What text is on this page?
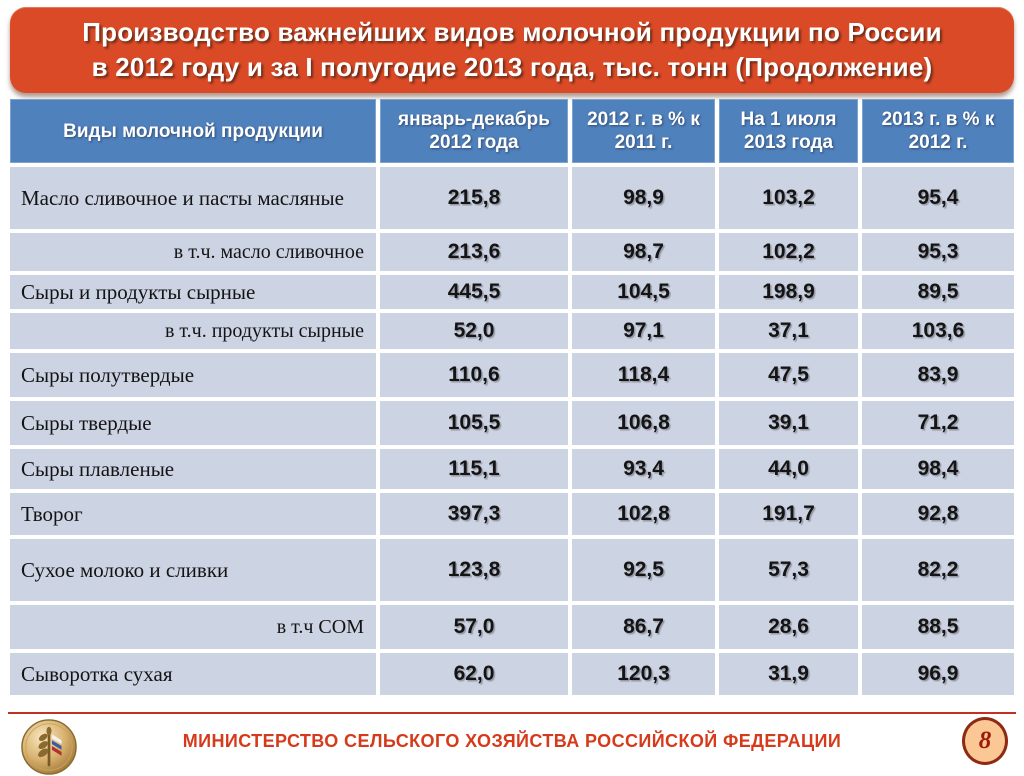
Производство важнейших видов молочной продукции по России
в 2012 году и за I полугодие 2013 года, тыс. тонн (Продолжение)
Виды молочной продукции	январь-декабрь 2012 года	2012 г. в % к 2011 г.	На 1 июля 2013 года	2013 г. в % к 2012 г.
Масло сливочное и пасты масляные	215,8	98,9	103,2	95,4
в т.ч. масло сливочное	213,6	98,7	102,2	95,3
Сыры и продукты сырные	445,5	104,5	198,9	89,5
в т.ч. продукты сырные	52,0	97,1	37,1	103,6
Сыры полутвердые	110,6	118,4	47,5	83,9
Сыры твердые	105,5	106,8	39,1	71,2
Сыры плавленые	115,1	93,4	44,0	98,4
Творог	397,3	102,8	191,7	92,8
Сухое молоко и сливки	123,8	92,5	57,3	82,2
в т.ч СОМ	57,0	86,7	28,6	88,5
Сыворотка сухая	62,0	120,3	31,9	96,9
МИНИСТЕРСТВО СЕЛЬСКОГО ХОЗЯЙСТВА РОССИЙСКОЙ ФЕДЕРАЦИИ	8
